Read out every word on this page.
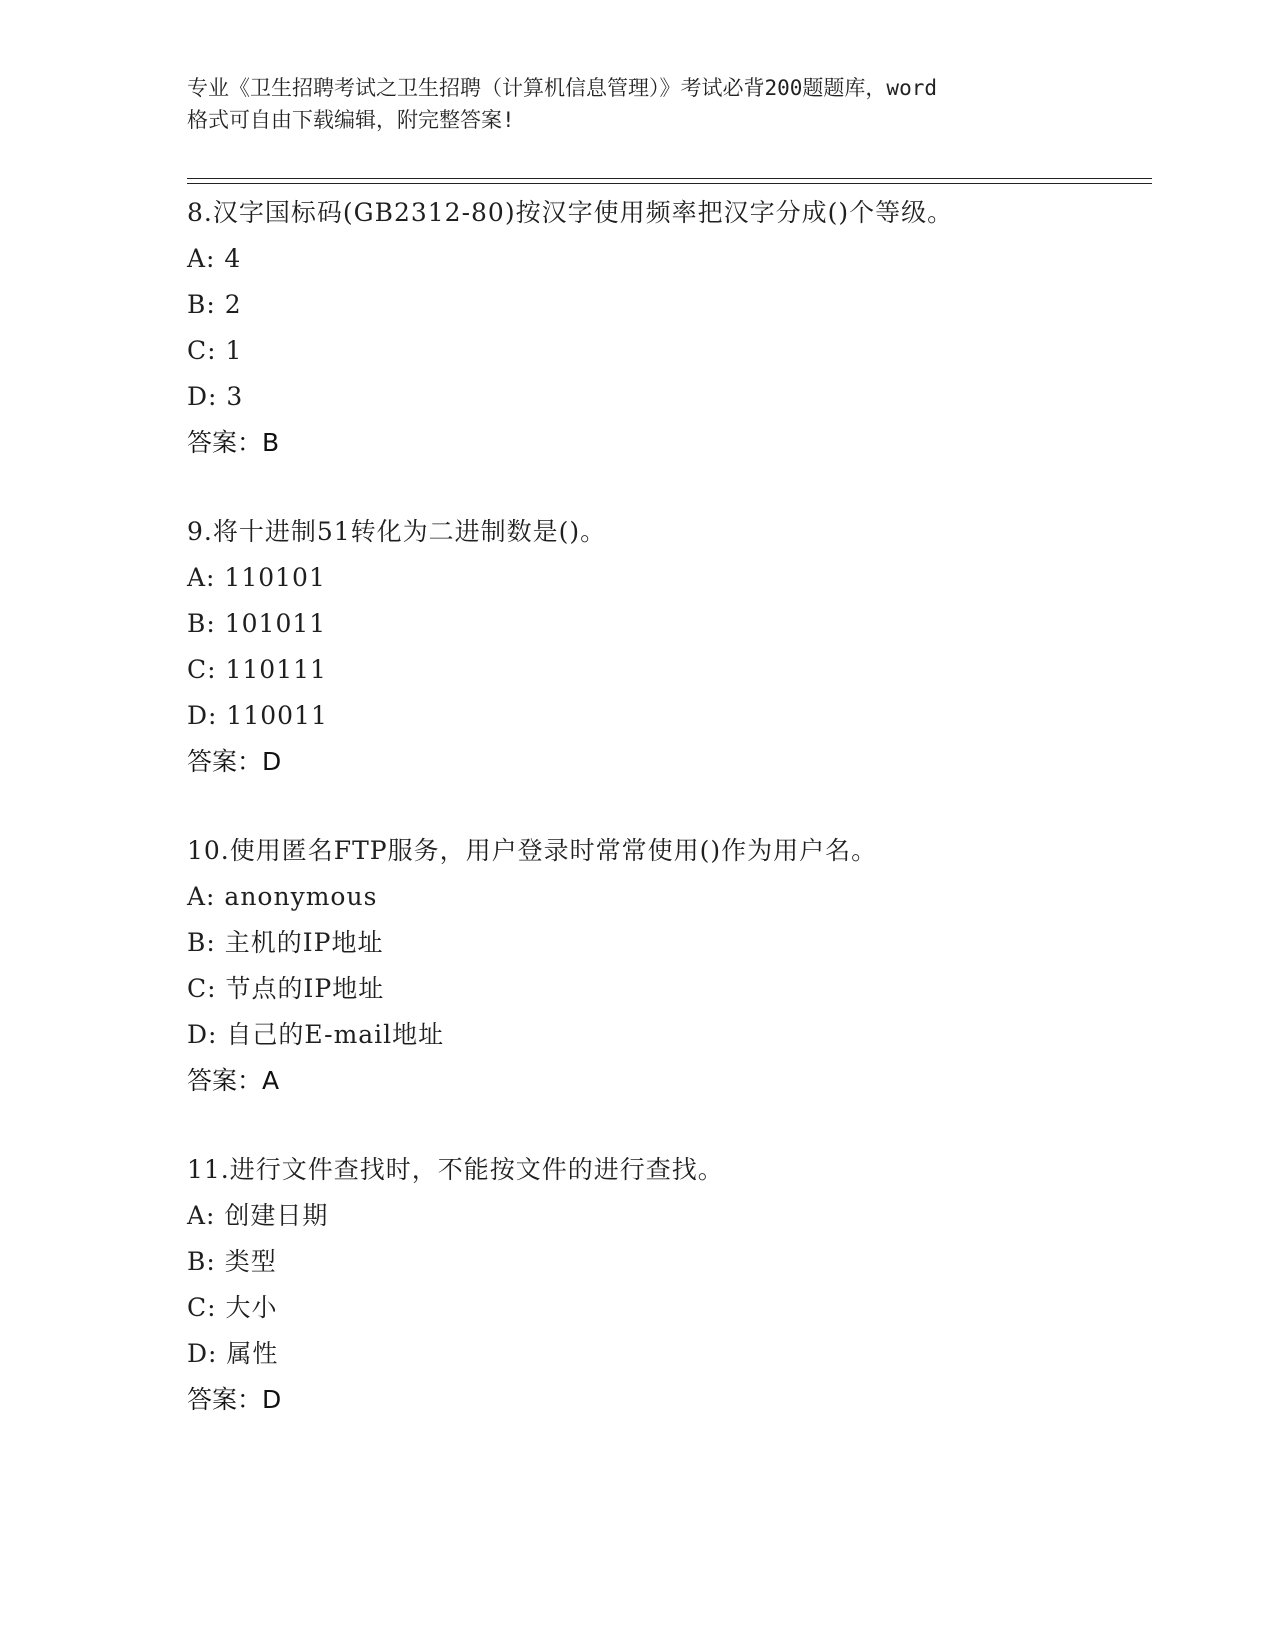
专业《卫生招聘考试之卫生招聘（计算机信息管理）》考试必背200题题库，word
格式可自由下载编辑，附完整答案!
8.汉字国标码(GB2312-80)按汉字使用频率把汉字分成()个等级。
A: 4
B: 2
C: 1
D: 3
答案：B
9.将十进制51转化为二进制数是()。
A: 110101
B: 101011
C: 110111
D: 110011
答案：D
10.使用匿名FTP服务，用户登录时常常使用()作为用户名。
A: anonymous
B: 主机的IP地址
C: 节点的IP地址
D: 自己的E-mail地址
答案：A
11.进行文件查找时，不能按文件的进行查找。
A: 创建日期
B: 类型
C: 大小
D: 属性
答案：D
